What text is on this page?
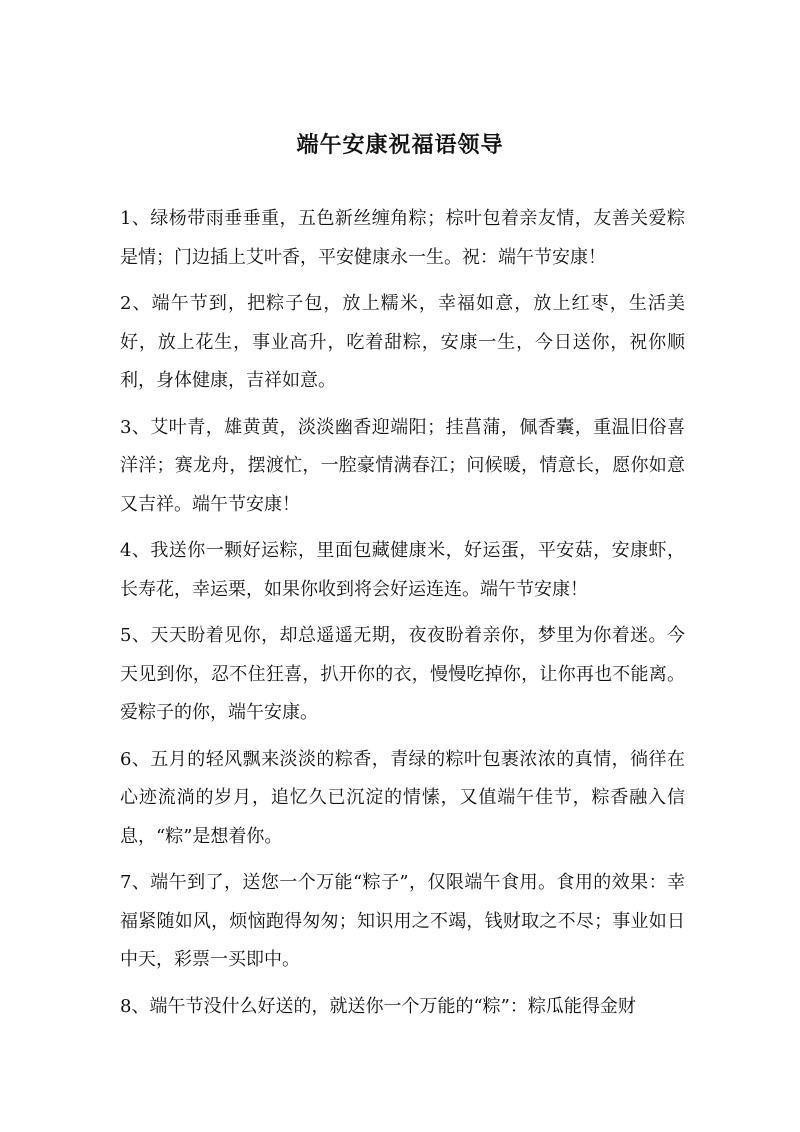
端午安康祝福语领导

1、绿杨带雨垂垂重，五色新丝缠角粽；棕叶包着亲友情，友善关爱粽是情；门边插上艾叶香，平安健康永一生。祝：端午节安康！

2、端午节到，把粽子包，放上糯米，幸福如意，放上红枣，生活美好，放上花生，事业高升，吃着甜粽，安康一生，今日送你，祝你顺利，身体健康，吉祥如意。

3、艾叶青，雄黄黄，淡淡幽香迎端阳；挂菖蒲，佩香囊，重温旧俗喜洋洋；赛龙舟，摆渡忙，一腔豪情满春江；问候暖，情意长，愿你如意又吉祥。端午节安康！

4、我送你一颗好运粽，里面包藏健康米，好运蛋，平安菇，安康虾，长寿花，幸运栗，如果你收到将会好运连连。端午节安康！

5、天天盼着见你，却总遥遥无期，夜夜盼着亲你，梦里为你着迷。今天见到你，忍不住狂喜，扒开你的衣，慢慢吃掉你，让你再也不能离。爱粽子的你，端午安康。

6、五月的轻风飘来淡淡的粽香，青绿的粽叶包裹浓浓的真情，徜徉在心迹流淌的岁月，追忆久已沉淀的情愫，又值端午佳节，粽香融入信息，“粽”是想着你。

7、端午到了，送您一个万能“粽子”，仅限端午食用。食用的效果：幸福紧随如风，烦恼跑得匆匆；知识用之不竭，钱财取之不尽；事业如日中天，彩票一买即中。

8、端午节没什么好送的，就送你一个万能的“粽”：粽瓜能得金财
